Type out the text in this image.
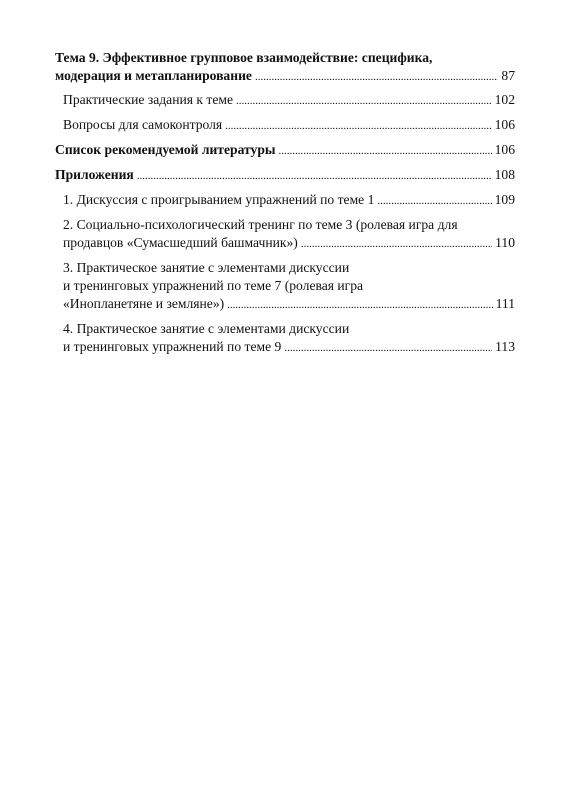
Тема 9. Эффективное групповое взаимодействие: специфика,
модерация и метапланирование .....	87
Практические задания к теме .....	102
Вопросы для самоконтроля .....	106
Список рекомендуемой литературы .....	106
Приложения .....	108
1. Дискуссия с проигрыванием упражнений по теме 1 .....	109
2. Социально-психологический тренинг по теме 3 (ролевая игра для
продавцов «Сумасшедший башмачник») .....	110
3. Практическое занятие с элементами дискуссии
и тренинговых упражнений по теме 7 (ролевая игра
«Инопланетяне и земляне») .....	111
4. Практическое занятие с элементами дискуссии
и тренинговых упражнений по теме 9 .....	113
